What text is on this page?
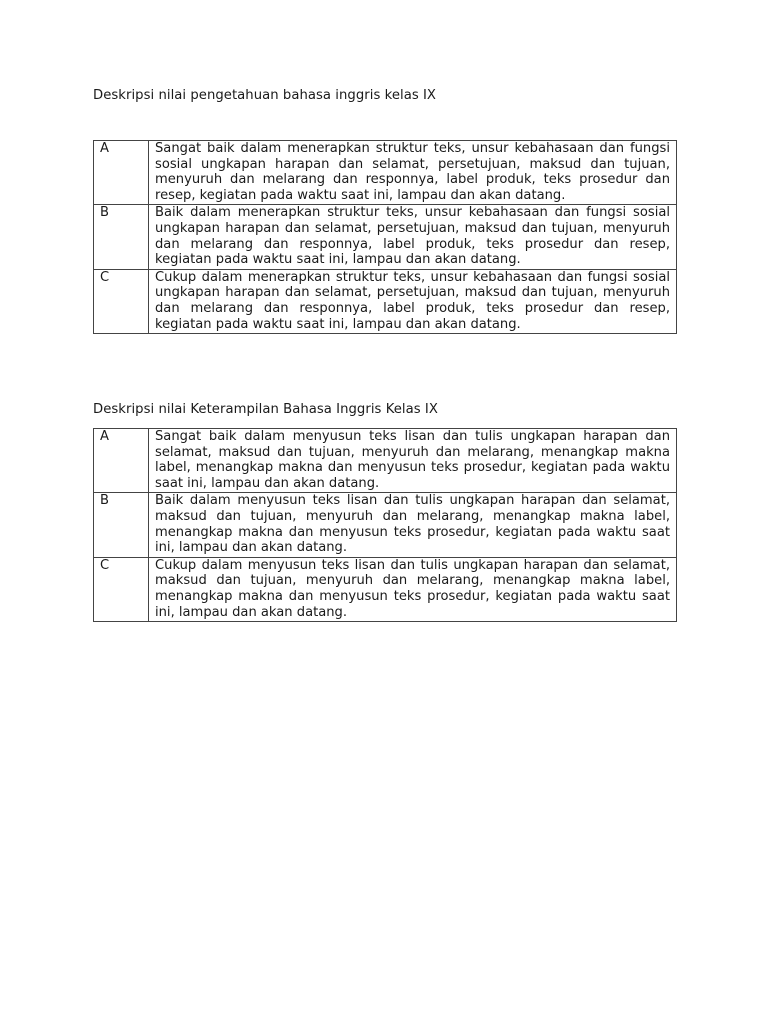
Deskripsi nilai pengetahuan bahasa inggris kelas IX
A	Sangat baik dalam menerapkan struktur teks, unsur kebahasaan dan fungsi sosial ungkapan harapan dan selamat, persetujuan, maksud dan tujuan, menyuruh dan melarang dan responnya, label produk, teks prosedur dan resep, kegiatan pada waktu saat ini, lampau dan akan datang.
B	Baik dalam menerapkan struktur teks, unsur kebahasaan dan fungsi sosial ungkapan harapan dan selamat, persetujuan, maksud dan tujuan, menyuruh dan melarang dan responnya, label produk, teks prosedur dan resep, kegiatan pada waktu saat ini, lampau dan akan datang.
C	Cukup dalam menerapkan struktur teks, unsur kebahasaan dan fungsi sosial ungkapan harapan dan selamat, persetujuan, maksud dan tujuan, menyuruh dan melarang dan responnya, label produk, teks prosedur dan resep, kegiatan pada waktu saat ini, lampau dan akan datang.
Deskripsi nilai Keterampilan Bahasa Inggris Kelas IX
A	Sangat baik dalam menyusun teks lisan dan tulis ungkapan harapan dan selamat, maksud dan tujuan, menyuruh dan melarang, menangkap makna label, menangkap makna dan menyusun teks prosedur, kegiatan pada waktu saat ini, lampau dan akan datang.
B	Baik dalam menyusun teks lisan dan tulis ungkapan harapan dan selamat, maksud dan tujuan, menyuruh dan melarang, menangkap makna label, menangkap makna dan menyusun teks prosedur, kegiatan pada waktu saat ini, lampau dan akan datang.
C	Cukup dalam menyusun teks lisan dan tulis ungkapan harapan dan selamat, maksud dan tujuan, menyuruh dan melarang, menangkap makna label, menangkap makna dan menyusun teks prosedur, kegiatan pada waktu saat ini, lampau dan akan datang.
